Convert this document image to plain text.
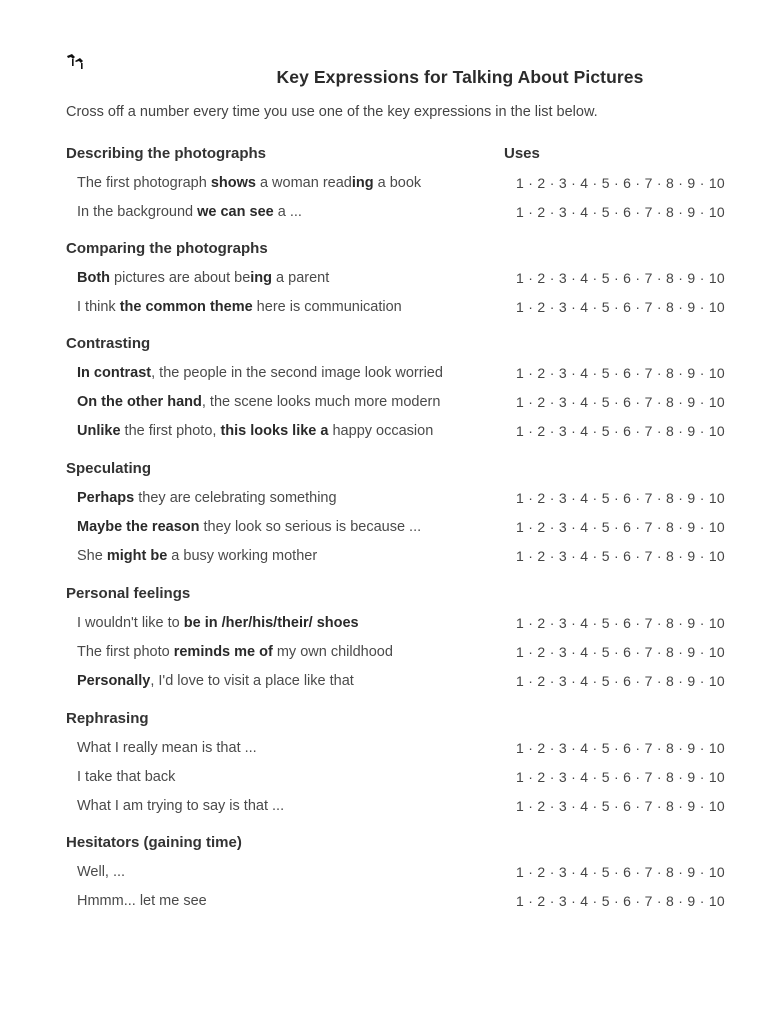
Key Expressions for Talking About Pictures
Cross off a number every time you use one of the key expressions in the list below.
Uses
Describing the photographs
The first photograph shows a woman reading a book	1 · 2 · 3 · 4 · 5 · 6 · 7 · 8 · 9 · 10
In the background we can see a ...	1 · 2 · 3 · 4 · 5 · 6 · 7 · 8 · 9 · 10
Comparing the photographs
Both pictures are about being a parent	1 · 2 · 3 · 4 · 5 · 6 · 7 · 8 · 9 · 10
I think the common theme here is communication	1 · 2 · 3 · 4 · 5 · 6 · 7 · 8 · 9 · 10
Contrasting
In contrast, the people in the second image look worried	1 · 2 · 3 · 4 · 5 · 6 · 7 · 8 · 9 · 10
On the other hand, the scene looks much more modern	1 · 2 · 3 · 4 · 5 · 6 · 7 · 8 · 9 · 10
Unlike the first photo, this looks like a happy occasion	1 · 2 · 3 · 4 · 5 · 6 · 7 · 8 · 9 · 10
Speculating
Perhaps they are celebrating something	1 · 2 · 3 · 4 · 5 · 6 · 7 · 8 · 9 · 10
Maybe the reason they look so serious is because ...	1 · 2 · 3 · 4 · 5 · 6 · 7 · 8 · 9 · 10
She might be a busy working mother	1 · 2 · 3 · 4 · 5 · 6 · 7 · 8 · 9 · 10
Personal feelings
I wouldn't like to be in /her/his/their/ shoes	1 · 2 · 3 · 4 · 5 · 6 · 7 · 8 · 9 · 10
The first photo reminds me of my own childhood	1 · 2 · 3 · 4 · 5 · 6 · 7 · 8 · 9 · 10
Personally, I'd love to visit a place like that	1 · 2 · 3 · 4 · 5 · 6 · 7 · 8 · 9 · 10
Rephrasing
What I really mean is that ...	1 · 2 · 3 · 4 · 5 · 6 · 7 · 8 · 9 · 10
I take that back	1 · 2 · 3 · 4 · 5 · 6 · 7 · 8 · 9 · 10
What I am trying to say is that ...	1 · 2 · 3 · 4 · 5 · 6 · 7 · 8 · 9 · 10
Hesitators (gaining time)
Well, ...	1 · 2 · 3 · 4 · 5 · 6 · 7 · 8 · 9 · 10
Hmmm... let me see	1 · 2 · 3 · 4 · 5 · 6 · 7 · 8 · 9 · 10
